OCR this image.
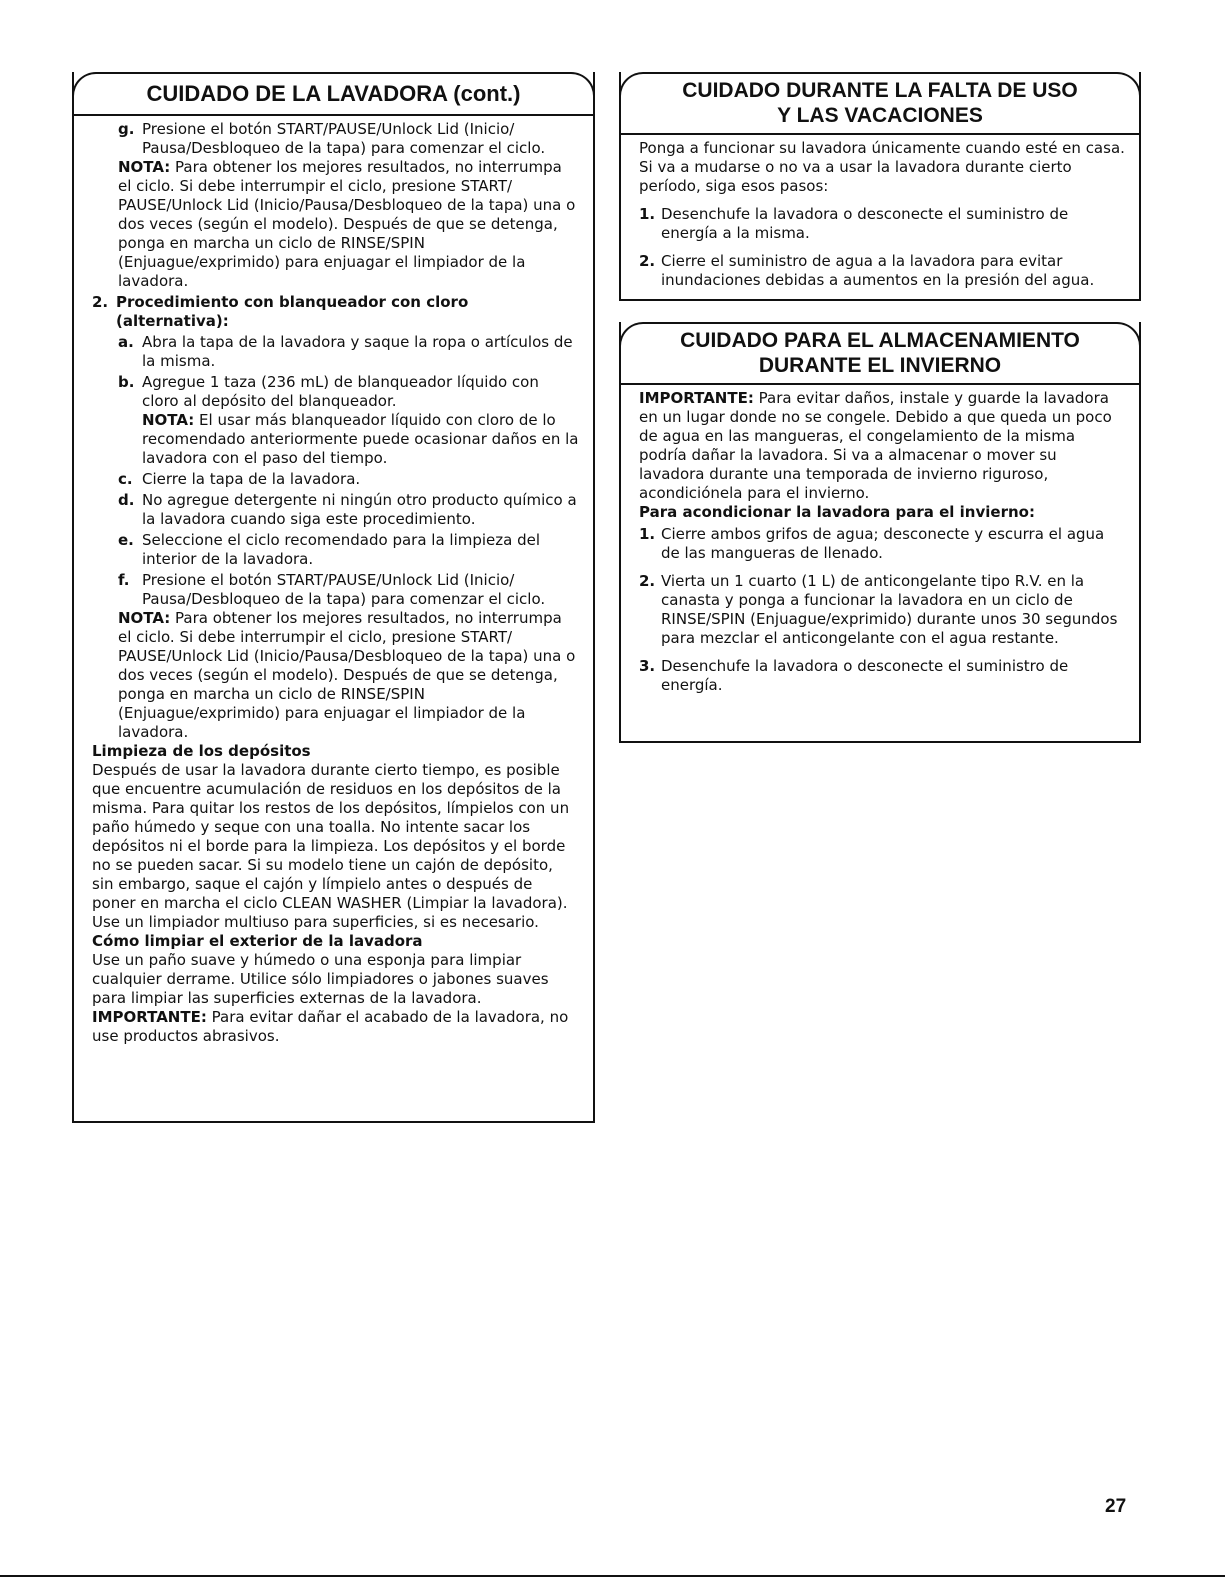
CUIDADO DE LA LAVADORA (cont.)
g. Presione el botón START/PAUSE/Unlock Lid (Inicio/ Pausa/Desbloqueo de la tapa) para comenzar el ciclo.

NOTA: Para obtener los mejores resultados, no interrumpa el ciclo. Si debe interrumpir el ciclo, presione START/ PAUSE/Unlock Lid (Inicio/Pausa/Desbloqueo de la tapa) una o dos veces (según el modelo). Después de que se detenga, ponga en marcha un ciclo de RINSE/SPIN (Enjuague/exprimido) para enjuagar el limpiador de la lavadora.

2. Procedimiento con blanqueador con cloro (alternativa):
a. Abra la tapa de la lavadora y saque la ropa o artículos de la misma.
b. Agregue 1 taza (236 mL) de blanqueador líquido con cloro al depósito del blanqueador.

NOTA: El usar más blanqueador líquido con cloro de lo recomendado anteriormente puede ocasionar daños en la lavadora con el paso del tiempo.

c. Cierre la tapa de la lavadora.
d. No agregue detergente ni ningún otro producto químico a la lavadora cuando siga este procedimiento.
e. Seleccione el ciclo recomendado para la limpieza del interior de la lavadora.
f. Presione el botón START/PAUSE/Unlock Lid (Inicio/ Pausa/Desbloqueo de la tapa) para comenzar el ciclo.

NOTA: Para obtener los mejores resultados, no interrumpa el ciclo. Si debe interrumpir el ciclo, presione START/ PAUSE/Unlock Lid (Inicio/Pausa/Desbloqueo de la tapa) una o dos veces (según el modelo). Después de que se detenga, ponga en marcha un ciclo de RINSE/SPIN (Enjuague/exprimido) para enjuagar el limpiador de la lavadora.

Limpieza de los depósitos

Después de usar la lavadora durante cierto tiempo, es posible que encuentre acumulación de residuos en los depósitos de la misma. Para quitar los restos de los depósitos, límpielos con un paño húmedo y seque con una toalla. No intente sacar los depósitos ni el borde para la limpieza. Los depósitos y el borde no se pueden sacar. Si su modelo tiene un cajón de depósito, sin embargo, saque el cajón y límpielo antes o después de poner en marcha el ciclo CLEAN WASHER (Limpiar la lavadora). Use un limpiador multiuso para superficies, si es necesario.

Cómo limpiar el exterior de la lavadora

Use un paño suave y húmedo o una esponja para limpiar cualquier derrame. Utilice sólo limpiadores o jabones suaves para limpiar las superficies externas de la lavadora.

IMPORTANTE: Para evitar dañar el acabado de la lavadora, no use productos abrasivos.

CUIDADO DURANTE LA FALTA DE USO
Y LAS VACACIONES

Ponga a funcionar su lavadora únicamente cuando esté en casa. Si va a mudarse o no va a usar la lavadora durante cierto período, siga esos pasos:

1. Desenchufe la lavadora o desconecte el suministro de energía a la misma.
2. Cierre el suministro de agua a la lavadora para evitar inundaciones debidas a aumentos en la presión del agua.
CUIDADO PARA EL ALMACENAMIENTO
DURANTE EL INVIERNO

IMPORTANTE: Para evitar daños, instale y guarde la lavadora en un lugar donde no se congele. Debido a que queda un poco de agua en las mangueras, el congelamiento de la misma podría dañar la lavadora. Si va a almacenar o mover su lavadora durante una temporada de invierno riguroso, acondiciónela para el invierno.

Para acondicionar la lavadora para el invierno:

1. Cierre ambos grifos de agua; desconecte y escurra el agua de las mangueras de llenado.
2. Vierta un 1 cuarto (1 L) de anticongelante tipo R.V. en la canasta y ponga a funcionar la lavadora en un ciclo de RINSE/SPIN (Enjuague/exprimido) durante unos 30 segundos para mezclar el anticongelante con el agua restante.
3. Desenchufe la lavadora o desconecte el suministro de energía.
27
